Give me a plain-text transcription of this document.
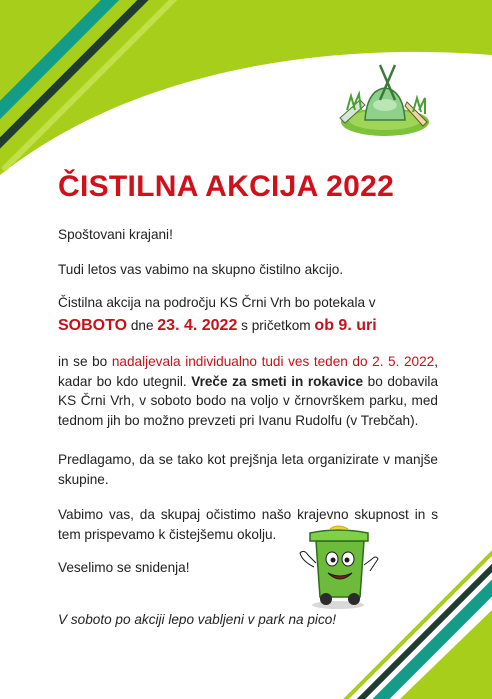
ČISTILNA AKCIJA 2022

Spoštovani krajani!

Tudi letos vas vabimo na skupno čistilno akcijo.

Čistilna akcija na področju KS Črni Vrh bo potekala v
SOBOTO dne 23. 4. 2022 s pričetkom ob 9. uri

in se bo nadaljevala individualno tudi ves teden do 2. 5. 2022, kadar bo kdo utegnil. Vreče za smeti in rokavice bo dobavila KS Črni Vrh, v soboto bodo na voljo v črnovrškem parku, med tednom jih bo možno prevzeti pri Ivanu Rudolfu (v Trebčah).

Predlagamo, da se tako kot prejšnja leta organizirate v manjše skupine.

Vabimo vas, da skupaj očistimo našo krajevno skupnost in s tem prispevamo k čistejšemu okolju.

Veselimo se snidenja!

V soboto po akciji lepo vabljeni v park na pico!
